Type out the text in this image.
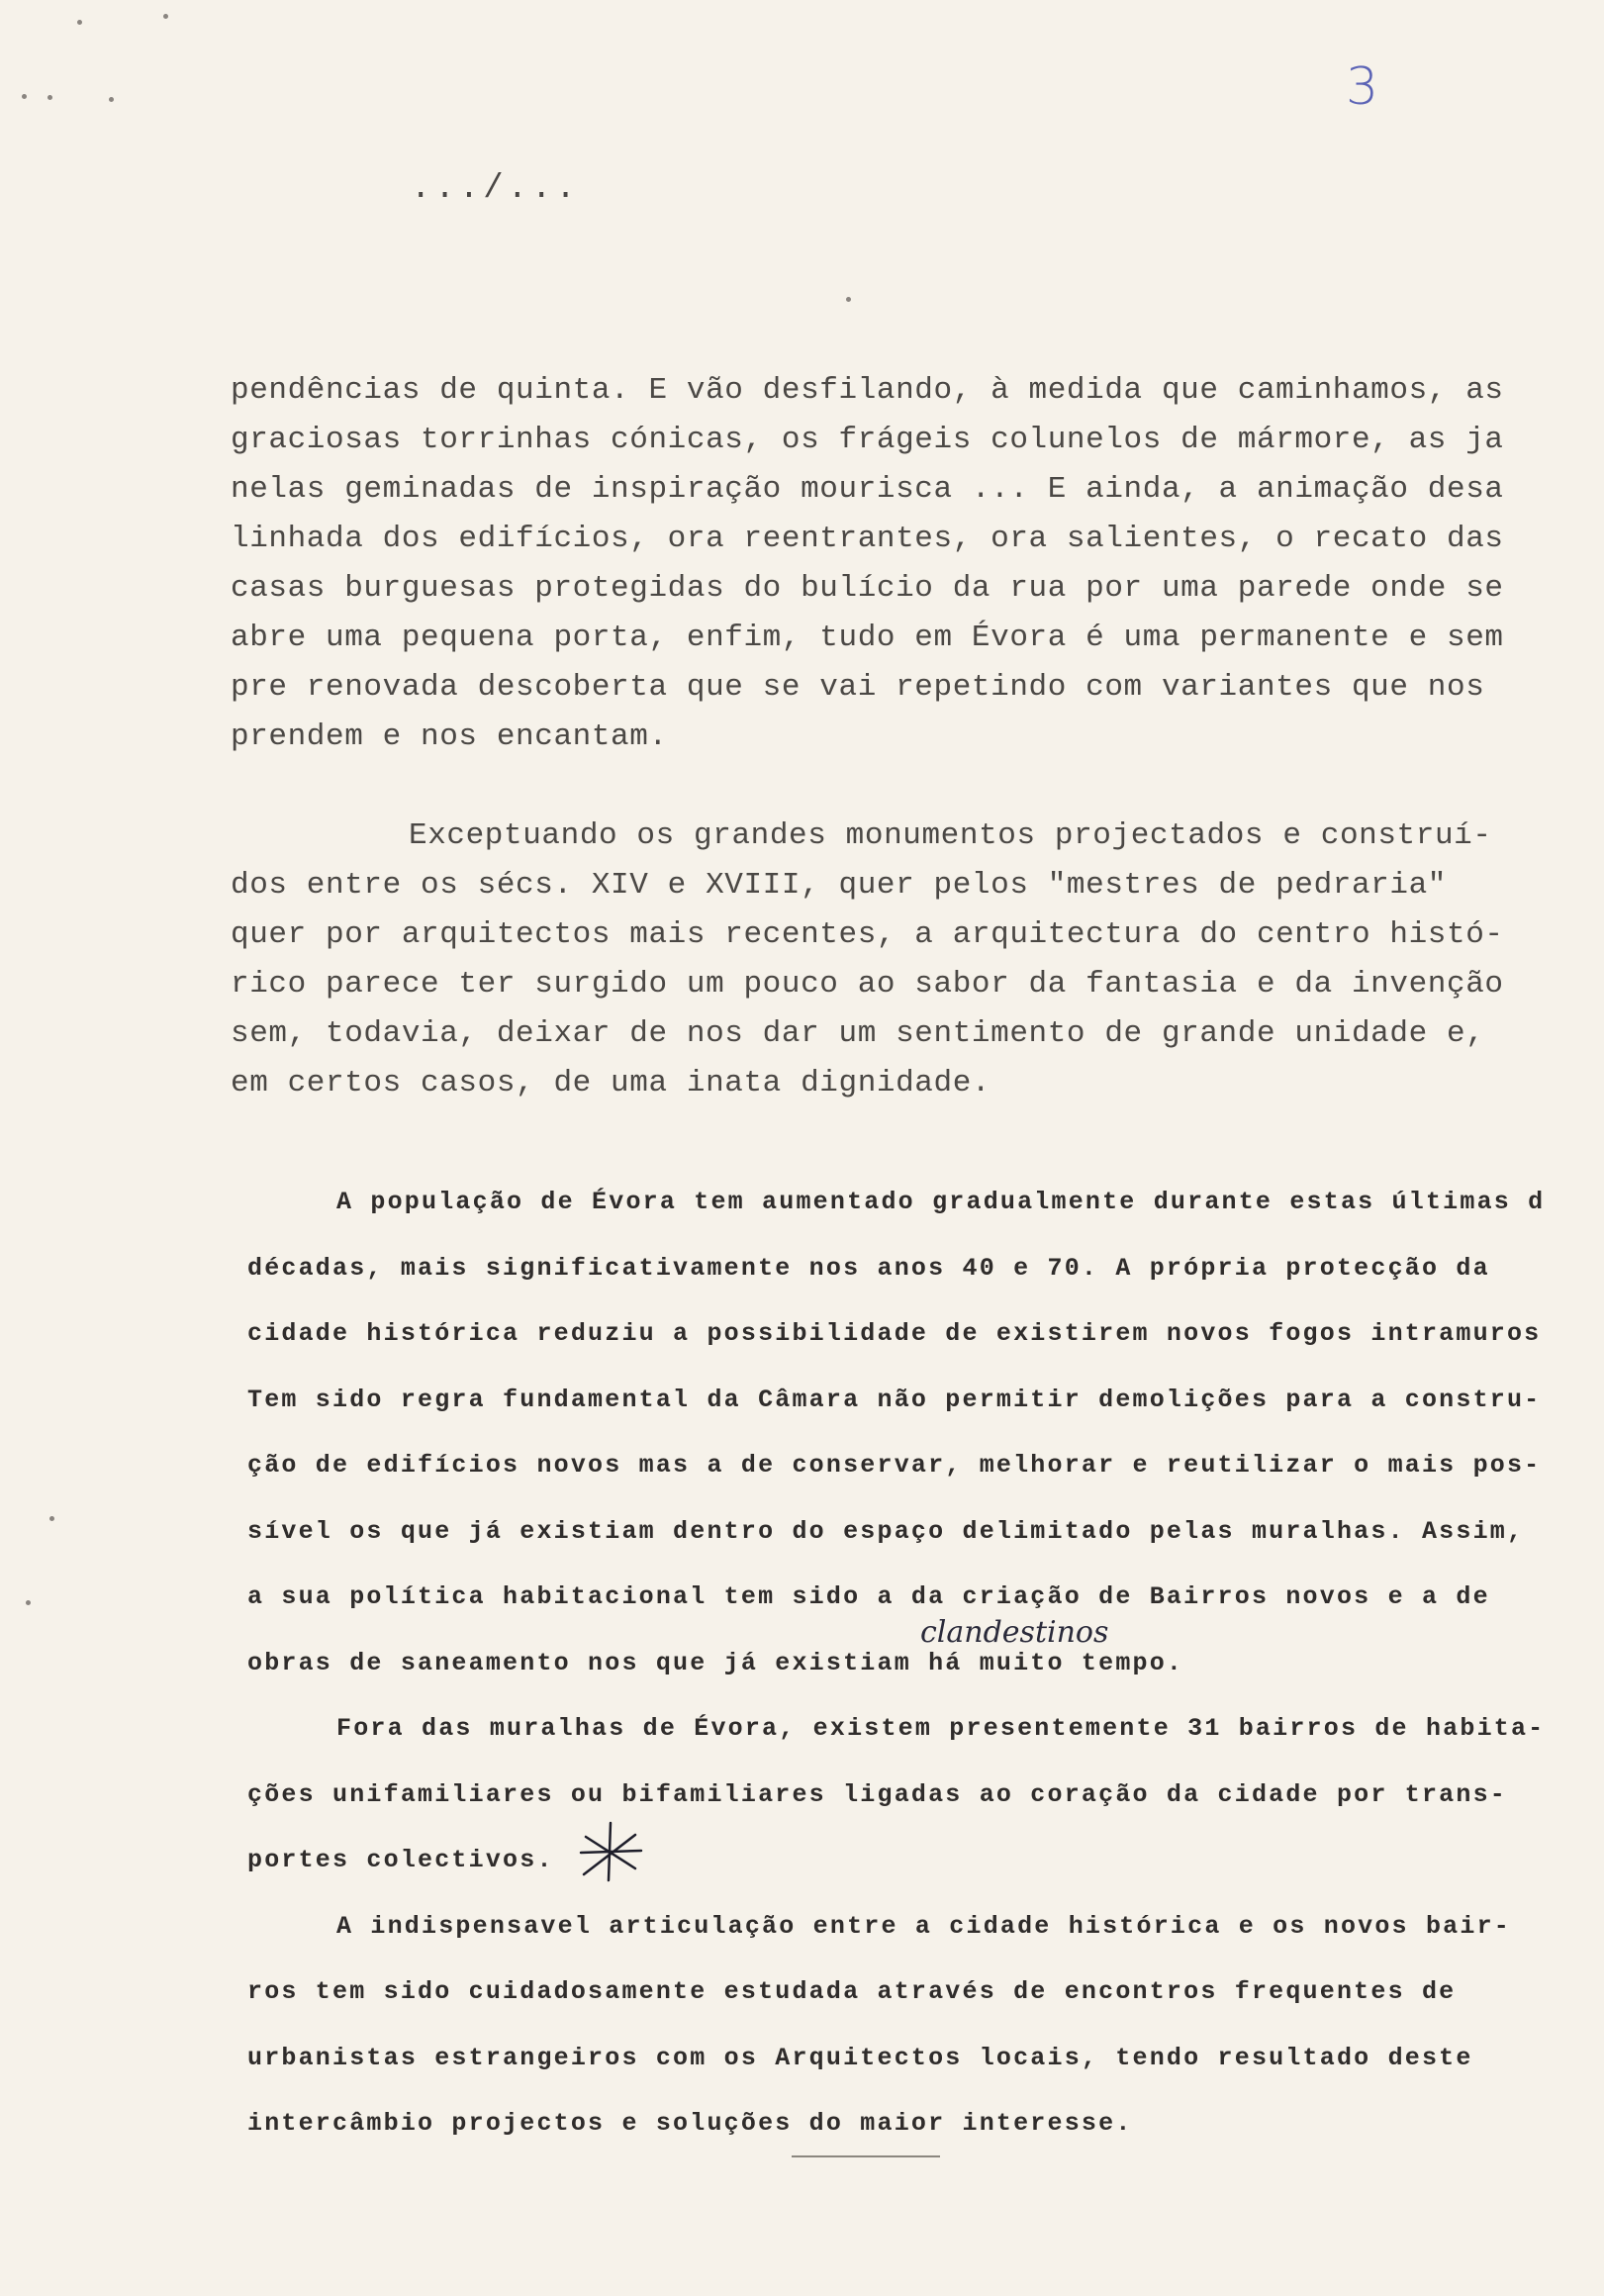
3
.../...
pendências de quinta. E vão desfilando, à medida que caminhamos, as
graciosas torrinhas cónicas, os frágeis colunelos de mármore, as ja
nelas geminadas de inspiração mourisca ... E ainda, a animação desa
linhada dos edifícios, ora reentrantes, ora salientes, o recato das
casas burguesas protegidas do bulício da rua por uma parede onde se
abre uma pequena porta, enfim, tudo em Évora é uma permanente e sem
pre renovada descoberta que se vai repetindo com variantes que nos
prendem e nos encantam.
Exceptuando os grandes monumentos projectados e construí-
dos entre os sécs. XIV e XVIII, quer pelos "mestres de pedraria"
quer por arquitectos mais recentes, a arquitectura do centro histó-
rico parece ter surgido um pouco ao sabor da fantasia e da invenção
sem, todavia, deixar de nos dar um sentimento de grande unidade e,
em certos casos, de uma inata dignidade.
A população de Évora tem aumentado gradualmente durante estas últimas d
décadas, mais significativamente nos anos 40 e 70. A própria protecção da
cidade histórica reduziu a possibilidade de existirem novos fogos intramuros
Tem sido regra fundamental da Câmara não permitir demolições para a constru-
ção de edifícios novos mas a de conservar, melhorar e reutilizar o mais pos-
sível os que já existiam dentro do espaço delimitado pelas muralhas. Assim,
a sua política habitacional tem sido a da criação de Bairros novos e a de
obras de saneamento nos que já existiam há muito tempo.
Fora das muralhas de Évora, existem presentemente 31 bairros de habita-
ções unifamiliares ou bifamiliares ligadas ao coração da cidade por trans-
portes colectivos.
A indispensavel articulação entre a cidade histórica e os novos bair-
ros tem sido cuidadosamente estudada através de encontros frequentes de
urbanistas estrangeiros com os Arquitectos locais, tendo resultado deste
intercâmbio projectos e soluções do maior interesse.
clandestinos
